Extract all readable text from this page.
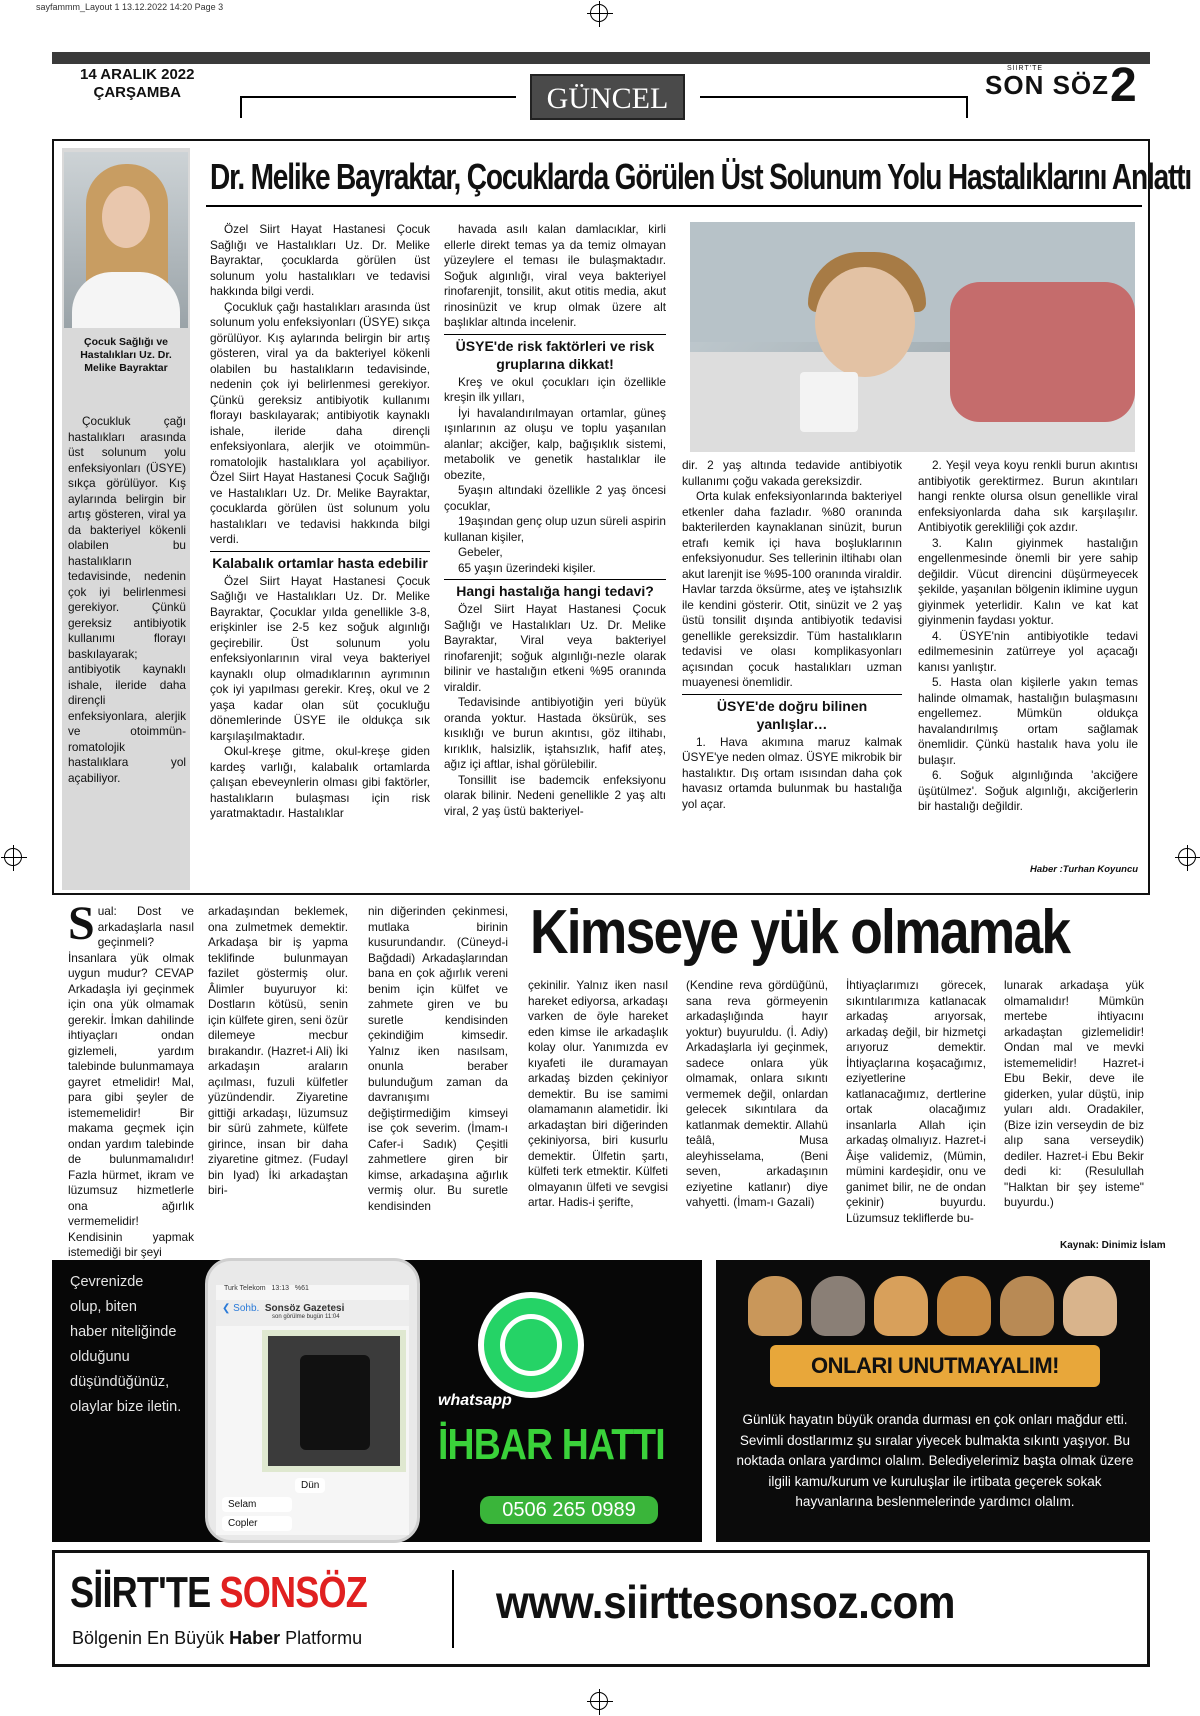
sayfammm_Layout 1 13.12.2022 14:20 Page 3
14 ARALIK 2022
ÇARŞAMBA	GÜNCEL
SİİRT'TE
SON SÖZ 2
Çocuk Sağlığı ve Hastalıkları Uz. Dr. Melike Bayraktar

Çocukluk çağı hastalıkları arasında üst solunum yolu enfeksiyonları (ÜSYE) sıkça görülüyor. Kış aylarında belirgin bir artış gösteren, viral ya da bakteriyel kökenli olabilen bu hastalıkların tedavisinde, nedenin çok iyi belirlenmesi gerekiyor. Çünkü gereksiz antibiyotik kullanımı florayı baskılayarak; antibiyotik kaynaklı ishale, ileride daha dirençli enfeksiyonlara, alerjik ve otoimmün-romatolojik hastalıklara yol açabiliyor.

Dr. Melike Bayraktar, Çocuklarda Görülen Üst Solunum Yolu Hastalıklarını Anlattı

Özel Siirt Hayat Hastanesi Çocuk Sağlığı ve Hastalıkları Uz. Dr. Melike Bayraktar, çocuklarda görülen üst solunum yolu hastalıkları ve tedavisi hakkında bilgi verdi.

Çocukluk çağı hastalıkları arasında üst solunum yolu enfeksiyonları (ÜSYE) sıkça görülüyor. Kış aylarında belirgin bir artış gösteren, viral ya da bakteriyel kökenli olabilen bu hastalıkların tedavisinde, nedenin çok iyi belirlenmesi gerekiyor. Çünkü gereksiz antibiyotik kullanımı florayı baskılayarak; antibiyotik kaynaklı ishale, ileride daha dirençli enfeksiyonlara, alerjik ve otoimmün-romatolojik hastalıklara yol açabiliyor. Özel Siirt Hayat Hastanesi Çocuk Sağlığı ve Hastalıkları Uz. Dr. Melike Bayraktar, çocuklarda görülen üst solunum yolu hastalıkları ve tedavisi hakkında bilgi verdi.

Kalabalık ortamlar hasta edebilir

Özel Siirt Hayat Hastanesi Çocuk Sağlığı ve Hastalıkları Uz. Dr. Melike Bayraktar, Çocuklar yılda genellikle 3-8, erişkinler ise 2-5 kez soğuk algınlığı geçirebilir. Üst solunum yolu enfeksiyonlarının viral veya bakteriyel kaynaklı olup olmadıklarının ayrımının çok iyi yapılması gerekir. Kreş, okul ve 2 yaşa kadar olan süt çocukluğu dönemlerinde ÜSYE ile oldukça sık karşılaşılmaktadır.

Okul-kreşe gitme, okul-kreşe giden kardeş varlığı, kalabalık ortamlarda çalışan ebeveynlerin olması gibi faktörler, hastalıkların bulaşması için risk yaratmaktadır. Hastalıklar

havada asılı kalan damlacıklar, kirli ellerle direkt temas ya da temiz olmayan yüzeylere el teması ile bulaşmaktadır. Soğuk algınlığı, viral veya bakteriyel rinofarenjit, tonsilit, akut otitis media, akut rinosinüzit ve krup olmak üzere alt başlıklar altında incelenir.

ÜSYE'de risk faktörleri ve risk gruplarına dikkat!

Kreş ve okul çocukları için özellikle kreşin ilk yılları,

İyi havalandırılmayan ortamlar, güneş ışınlarının az oluşu ve toplu yaşanılan alanlar; akciğer, kalp, bağışıklık sistemi, metabolik ve genetik hastalıklar ile obezite,

5yaşın altındaki özellikle 2 yaş öncesi çocuklar,

19aşından genç olup uzun süreli aspirin kullanan kişiler,

Gebeler,

65 yaşın üzerindeki kişiler.

Hangi hastalığa hangi tedavi?

Özel Siirt Hayat Hastanesi Çocuk Sağlığı ve Hastalıkları Uz. Dr. Melike Bayraktar, Viral veya bakteriyel rinofarenjit; soğuk algınlığı-nezle olarak bilinir ve hastalığın etkeni %95 oranında viraldir.

Tedavisinde antibiyotiğin yeri büyük oranda yoktur. Hastada öksürük, ses kısıklığı ve burun akıntısı, göz iltihabı, kırıklık, halsizlik, iştahsızlık, hafif ateş, ağız içi aftlar, ishal görülebilir.

Tonsillit ise bademcik enfeksiyonu olarak bilinir. Nedeni genellikle 2 yaş altı viral, 2 yaş üstü bakteriyel-

dir. 2 yaş altında tedavide antibiyotik kullanımı çoğu vakada gereksizdir.

Orta kulak enfeksiyonlarında bakteriyel etkenler daha fazladır. %80 oranında bakterilerden kaynaklanan sinüzit, burun etrafı kemik içi hava boşluklarının enfeksiyonudur. Ses tellerinin iltihabı olan akut larenjit ise %95-100 oranında viraldir. Havlar tarzda öksürme, ateş ve iştahsızlık ile kendini gösterir. Otit, sinüzit ve 2 yaş üstü tonsilit dışında antibiyotik tedavisi genellikle gereksizdir. Tüm hastalıkların tedavisi ve olası komplikasyonları açısından çocuk hastalıkları uzman muayenesi önemlidir.

ÜSYE'de doğru bilinen yanlışlar…

1. Hava akımına maruz kalmak ÜSYE'ye neden olmaz. ÜSYE mikrobik bir hastalıktır. Dış ortam ısısından daha çok havasız ortamda bulunmak bu hastalığa yol açar.

2. Yeşil veya koyu renkli burun akıntısı antibiyotik gerektirmez. Burun akıntıları hangi renkte olursa olsun genellikle viral enfeksiyonlarda daha sık karşılaşılır. Antibiyotik gerekliliği çok azdır.

3. Kalın giyinmek hastalığın engellenmesinde önemli bir yere sahip değildir. Vücut direncini düşürmeyecek şekilde, yaşanılan bölgenin iklimine uygun giyinmek yeterlidir. Kalın ve kat kat giyinmenin faydası yoktur.

4. ÜSYE'nin antibiyotikle tedavi edilmemesinin zatürreye yol açacağı kanısı yanlıştır.

5. Hasta olan kişilerle yakın temas halinde olmamak, hastalığın bulaşmasını engellemez. Mümkün oldukça havalandırılmış ortam sağlamak önemlidir. Çünkü hastalık hava yolu ile bulaşır.

6. Soğuk algınlığında 'akciğere üşütülmez'. Soğuk algınlığı, akciğerlerin bir hastalığı değildir.

Haber :Turhan Koyuncu
Sual: Dost ve arkadaşlarla nasıl geçinmeli? İnsanlara yük olmak uygun mudur? CEVAP Arkadaşla iyi geçinmek için ona yük olmamak gerekir. İmkan dahilinde ihtiyaçları ondan gizlemeli, yardım talebinde bulunmamaya gayret etmelidir! Mal, para gibi şeyler de istememelidir! Bir makama geçmek için ondan yardım talebinde de bulunmamalıdır! Fazla hürmet, ikram ve lüzumsuz hizmetlerle ona ağırlık vermemelidir! Kendisinin yapmak istemediği bir şeyi
arkadaşından beklemek, ona zulmetmek demektir. Arkadaşa bir iş yapma teklifinde bulunmayan fazilet göstermiş olur. Âlimler buyuruyor ki: Dostların kötüsü, senin için külfete giren, seni özür dilemeye mecbur bırakandır. (Hazret-i Ali) İki arkadaşın araların açılması, fuzuli külfetler yüzündendir. Ziyaretine gittiği arkadaşı, lüzumsuz bir sürü zahmete, külfete girince, insan bir daha ziyaretine gitmez. (Fudayl bin Iyad) İki arkadaştan biri-
nin diğerinden çekinmesi, mutlaka birinin kusurundandır. (Cüneyd-i Bağdadi) Arkadaşlarından bana en çok ağırlık vereni benim için külfet ve zahmete giren ve bu suretle kendisinden çekindiğim kimsedir. Yalnız iken nasılsam, onunla beraber bulunduğum zaman da davranışımı değiştirmediğim kimseyi ise çok severim. (İmam-ı Cafer-i Sadık) Çeşitli zahmetlere giren bir kimse, arkadaşına ağırlık vermiş olur. Bu suretle kendisinden
Kimseye yük olmamak
çekinilir. Yalnız iken nasıl hareket ediyorsa, arkadaşı varken de öyle hareket eden kimse ile arkadaşlık kolay olur. Yanımızda ev kıyafeti ile duramayan arkadaş bizden çekiniyor demektir. Bu ise samimi olamamanın alametidir. İki arkadaştan biri diğerinden çekiniyorsa, biri kusurlu demektir. Ülfetin şartı, külfeti terk etmektir. Külfeti olmayanın ülfeti ve sevgisi artar. Hadis-i şerifte,
(Kendine reva gördüğünü, sana reva görmeyenin arkadaşlığında hayır yoktur) buyuruldu. (İ. Adiy) Arkadaşlarla iyi geçinmek, sadece onlara yük olmamak, onlara sıkıntı vermemek değil, onlardan gelecek sıkıntılara da katlanmak demektir. Allahü teâlâ, Musa aleyhisselama, (Beni seven, arkadaşının eziyetine katlanır) diye vahyetti. (İmam-ı Gazali)
İhtiyaçlarımızı görecek, sıkıntılarımıza katlanacak arkadaş arıyorsak, arkadaş değil, bir hizmetçi arıyoruz demektir. İhtiyaçlarına koşacağımız, eziyetlerine katlanacağımız, dertlerine ortak olacağımız insanlarla Allah için arkadaş olmalıyız. Hazret-i Âişe validemiz, (Mümin, mümini kardeşidir, onu ve ganimet bilir, ne de ondan çekinir) buyurdu. Lüzumsuz tekliflerde bu-
lunarak arkadaşa yük olmamalıdır! Mümkün mertebe ihtiyacını arkadaştan gizlemelidir! Ondan mal ve mevki istememelidir! Hazret-i Ebu Bekir, deve ile giderken, yular düştü, inip yuları aldı. Oradakiler, (Bize izin verseydin de biz alıp sana verseydik) dediler. Hazret-i Ebu Bekir dedi ki: (Resulullah "Halktan bir şey isteme" buyurdu.)
Kaynak: Dinimiz İslam
Çevrenizde
olup, biten
haber niteliğinde
olduğunu
düşündüğünüz,
olaylar bize iletin.
Turk Telekom 13:13 %61
❮ Sohb. Sonsöz Gazetesi
son görülme bugün 11:04
Dün
Selam
Copler
whatsapp
İHBAR HATTI
0506 265 0989
ONLARI UNUTMAYALIM!
Günlük hayatın büyük oranda durması en çok onları mağdur etti. Sevimli dostlarımız şu sıralar yiyecek bulmakta sıkıntı yaşıyor. Bu noktada onlara yardımcı olalım. Belediyelerimiz başta olmak üzere ilgili kamu/kurum ve kuruluşlar ile irtibata geçerek sokak hayvanlarına beslenmelerinde yardımcı olalım.
SİİRT'TE SONSÖZ
Bölgenin En Büyük Haber Platformu
www.siirttesonsoz.com
